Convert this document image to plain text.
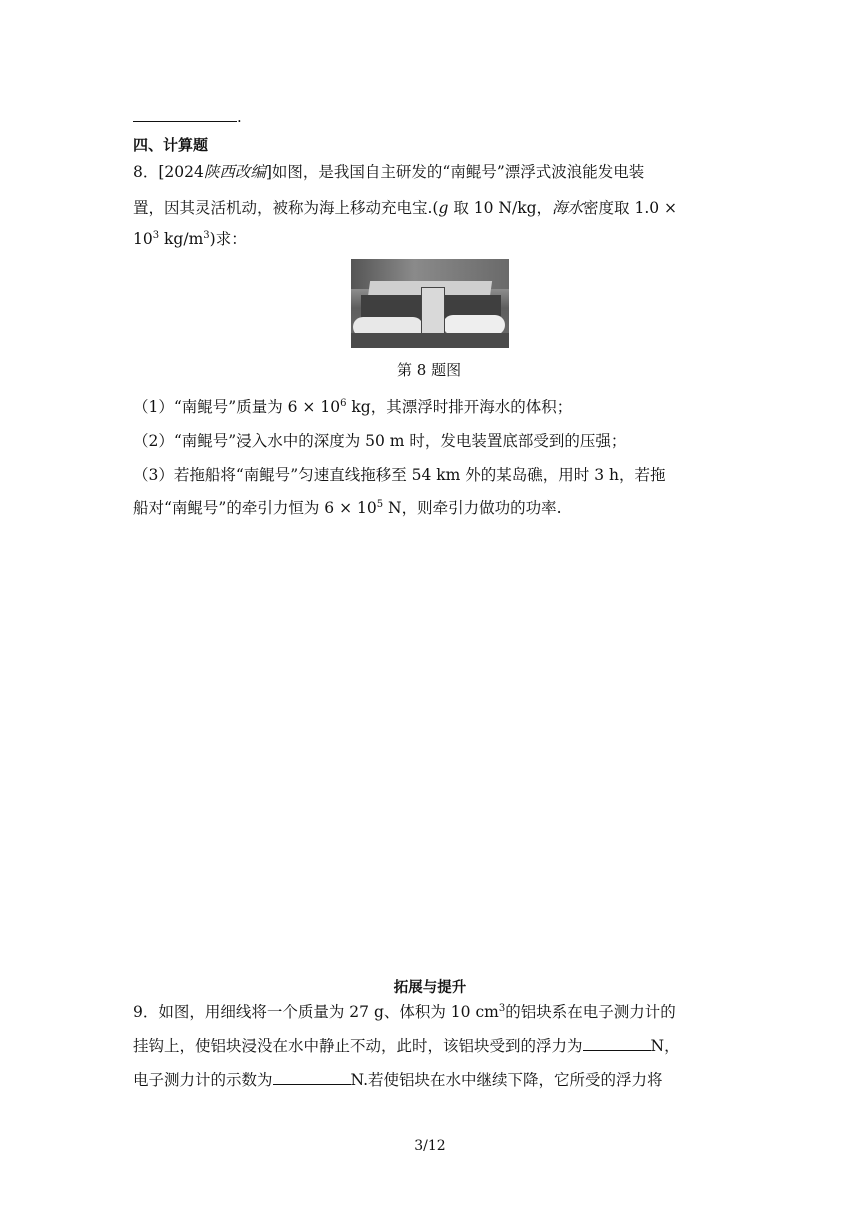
.
四、计算题
8．[2024陕西改编]如图，是我国自主研发的“南鲲号”漂浮式波浪能发电装
置，因其灵活机动，被称为海上移动充电宝.(g 取 10 N/kg，海水密度取 1.0 ×
$10^3$ $kg/m^3$)求：
第 8 题图
（1）“南鲲号”质量为 $6 \times 10^6$ kg，其漂浮时排开海水的体积；
（2）“南鲲号”浸入水中的深度为 50 m 时，发电装置底部受到的压强；
（3）若拖船将“南鲲号”匀速直线拖移至 54 km 外的某岛礁，用时 3 h，若拖
船对“南鲲号”的牵引力恒为 $6 \times 10^5$ N，则牵引力做功的功率.
拓展与提升
9．如图，用细线将一个质量为 27 g、体积为 10 $cm^3$的铝块系在电子测力计的
挂钩上，使铝块浸没在水中静止不动，此时，该铝块受到的浮力为	N，
电子测力计的示数为	N.若使铝块在水中继续下降，它所受的浮力将
3/12
